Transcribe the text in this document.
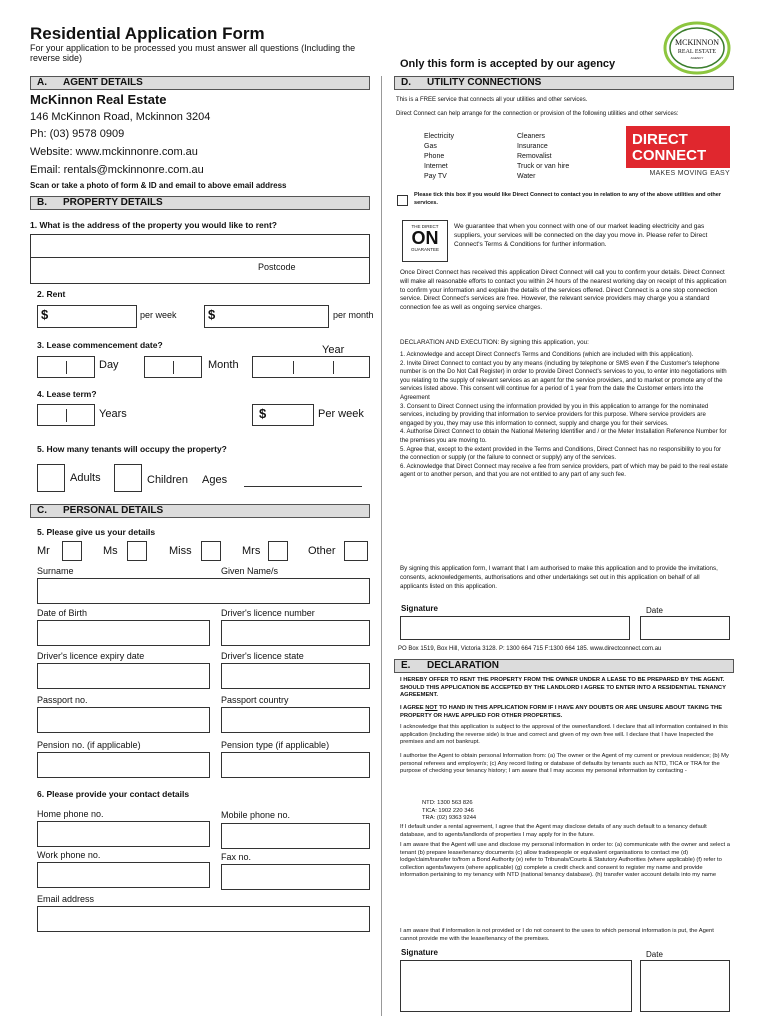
Residential Application Form
For your application to be processed you must answer all questions (Including the reverse side)	Only this form is accepted by our agency
MCKINNON
REAL ESTATE
AGENCY
A. AGENT DETAILS
McKinnon Real Estate
146 McKinnon Road, Mckinnon 3204
Ph: (03) 9578 0909
Website: www.mckinnonre.com.au
Email: rentals@mckinnonre.com.au
Scan or take a photo of form & ID and email to above email address
B. PROPERTY DETAILS
1. What is the address of the property you would like to rent?
Postcode
2. Rent
$	per week	$	per month
3. Lease commencement date?	Year
Day	Month
4. Lease term?
Years	$	Per week
5. How many tenants will occupy the property?
Adults	Children Ages
C. PERSONAL DETAILS
5. Please give us your details
Mr	Ms	Miss	Mrs	Other
Surname	Given Name/s
Date of Birth	Driver's licence number
Driver's licence expiry date	Driver's licence state
Passport no.	Passport country
Pension no. (if applicable)	Pension type (if applicable)
6. Please provide your contact details
Home phone no.	Mobile phone no.
Work phone no.	Fax no.
Email address
D. UTILITY CONNECTIONS
This is a FREE service that connects all your utilities and other services.
Direct Connect can help arrange for the connection or provision of the following utilities and other services:
Electricity
Gas
Phone
Internet
Pay TV
Cleaners
Insurance
Removalist
Truck or van hire
Water
DIRECT
CONNECT
MAKES MOVING EASY
Please tick this box if you would like Direct Connect to contact you in relation to any of the above utilities and other services.
THE DIRECT
ON
GUARANTEE
We guarantee that when you connect with one of our market leading electricity and gas suppliers, your services will be connected on the day you move in. Please refer to Direct Connect's Terms & Conditions for further information.
Once Direct Connect has received this application Direct Connect will call you to confirm your details. Direct Connect will make all reasonable efforts to contact you within 24 hours of the nearest working day on receipt of this application to confirm your information and explain the details of the services offered. Direct Connect is a one stop connection service. Direct Connect's services are free. However, the relevant service providers may charge you a standard connection fee as well as ongoing service charges.
DECLARATION AND EXECUTION: By signing this application, you:
1. Acknowledge and accept Direct Connect's Terms and Conditions (which are included with this application).
2. Invite Direct Connect to contact you by any means (including by telephone or SMS even if the Customer's telephone number is on the Do Not Call Register) in order to provide Direct Connect's services to you, to enter into negotiations with you relating to the supply of relevant services as an agent for the service providers, and to market or promote any of the services listed above. This consent will continue for a period of 1 year from the date the Customer enters into the Agreement
3. Consent to Direct Connect using the information provided by you in this application to arrange for the nominated services, including by providing that information to service providers for this purpose. Where service providers are engaged by you, they may use this information to connect, supply and charge you for their services.
4. Authorise Direct Connect to obtain the National Metering Identifier and / or the Meter Installation Reference Number for the premises you are moving to.
5. Agree that, except to the extent provided in the Terms and Conditions, Direct Connect has no responsibility to you for the connection or supply (or the failure to connect or supply) any of the services.
6. Acknowledge that Direct Connect may receive a fee from service providers, part of which may be paid to the real estate agent or to another person, and that you are not entitled to any part of any such fee.
By signing this application form, I warrant that I am authorised to make this application and to provide the invitations, consents, acknowledgements, authorisations and other undertakings set out in this application on behalf of all applicants listed on this application.
Signature	Date
PO Box 1519, Box Hill, Victoria 3128. P: 1300 664 715 F:1300 664 185. www.directconnect.com.au
E. DECLARATION
I HEREBY OFFER TO RENT THE PROPERTY FROM THE OWNER UNDER A LEASE TO BE PREPARED BY THE AGENT. SHOULD THIS APPLICATION BE ACCEPTED BY THE LANDLORD I AGREE TO ENTER INTO A RESIDENTIAL TENANCY AGREEMENT.
I AGREE NOT TO HAND IN THIS APPLICATION FORM IF I HAVE ANY DOUBTS OR ARE UNSURE ABOUT TAKING THE PROPERTY OR HAVE APPLIED FOR OTHER PROPERTIES.
I acknowledge that this application is subject to the approval of the owner/landlord. I declare that all information contained in this application (including the reverse side) is true and correct and given of my own free will. I declare that I have Inspected the premises and am not bankrupt.
I authorise the Agent to obtain personal Information from: (a) The owner or the Agent of my current or previous residence; (b) My personal referees and employer/s; (c) Any record listing or database of defaults by tenants such as NTD, TICA or TRA for the purpose of checking your tenancy history; I am aware that I may access my personal information by contacting -
NTD: 1300 563 826
TICA: 1902 220 346
TRA: (02) 9363 9244
If I default under a rental agreement, I agree that the Agent may disclose details of any such default to a tenancy default database, and to agents/landlords of properties I may apply for in the future.
I am aware that the Agent will use and disclose my personal information in order to: (a) communicate with the owner and select a tenant (b) prepare lease/tenancy documents (c) allow tradespeople or equivalent organisations to contact me (d) lodge/claim/transfer to/from a Bond Authority (e) refer to Tribunals/Courts & Statutory Authorities (where applicable) (f) refer to collection agents/lawyers (where applicable) (g) complete a credit check and consent to register my name and provide information pertaining to my tenancy with NTD (national tenancy database). (h) transfer water account details into my name
I am aware that if information is not provided or I do not consent to the uses to which personal information is put, the Agent cannot provide me with the lease/tenancy of the premises.
Signature	Date
